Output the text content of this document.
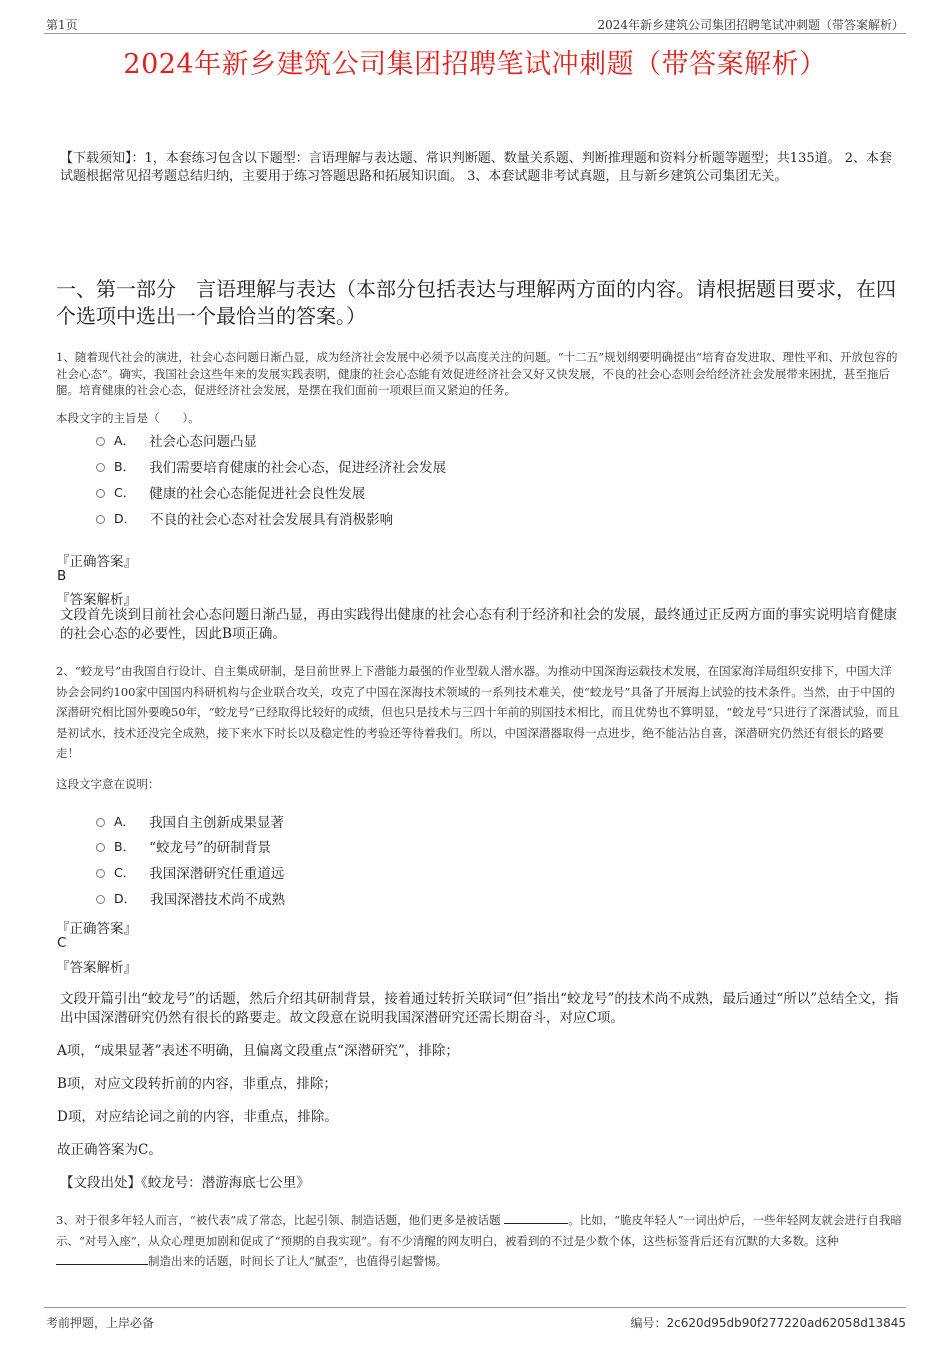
第1页	2024年新乡建筑公司集团招聘笔试冲刺题（带答案解析）
2024年新乡建筑公司集团招聘笔试冲刺题（带答案解析）
【下载须知】：1，本套练习包含以下题型：言语理解与表达题、常识判断题、数量关系题、判断推理题和资料分析题等题型；共135道。 2、本套试题根据常见招考题总结归纳，主要用于练习答题思路和拓展知识面。 3、本套试题非考试真题，且与新乡建筑公司集团无关。
一、第一部分　言语理解与表达（本部分包括表达与理解两方面的内容。请根据题目要求，在四个选项中选出一个最恰当的答案。）
1、随着现代社会的演进，社会心态问题日渐凸显，成为经济社会发展中必须予以高度关注的问题。“十二五”规划纲要明确提出“培育奋发进取、理性平和、开放包容的社会心态”。确实，我国社会这些年来的发展实践表明，健康的社会心态能有效促进经济社会又好又快发展，不良的社会心态则会给经济社会发展带来困扰，甚至拖后腿。培育健康的社会心态，促进经济社会发展，是摆在我们面前一项艰巨而又紧迫的任务。
本段文字的主旨是（　　）。
A． 社会心态问题凸显
B． 我们需要培育健康的社会心态，促进经济社会发展
C． 健康的社会心态能促进社会良性发展
D． 不良的社会心态对社会发展具有消极影响
『正确答案』
B
『答案解析』
文段首先谈到目前社会心态问题日渐凸显，再由实践得出健康的社会心态有利于经济和社会的发展，最终通过正反两方面的事实说明培育健康的社会心态的必要性，因此B项正确。
2、“蛟龙号”由我国自行设计、自主集成研制，是目前世界上下潜能力最强的作业型载人潜水器。为推动中国深海运载技术发展，在国家海洋局组织安排下，中国大洋协会会同约100家中国国内科研机构与企业联合攻关，攻克了中国在深海技术领域的一系列技术难关，使“蛟龙号”具备了开展海上试验的技术条件。当然，由于中国的深潜研究相比国外要晚50年，“蛟龙号”已经取得比较好的成绩，但也只是技术与三四十年前的别国技术相比，而且优势也不算明显，“蛟龙号”只进行了深潜试验，而且是初试水，技术还没完全成熟，接下来水下时长以及稳定性的考验还等待着我们。所以，中国深潜器取得一点进步，绝不能沾沾自喜，深潜研究仍然还有很长的路要走！
这段文字意在说明：
A． 我国自主创新成果显著
B． “蛟龙号”的研制背景
C． 我国深潜研究任重道远
D． 我国深潜技术尚不成熟
『正确答案』
C
『答案解析』
文段开篇引出“蛟龙号”的话题，然后介绍其研制背景，接着通过转折关联词“但”指出“蛟龙号”的技术尚不成熟，最后通过“所以”总结全文，指出中国深潜研究仍然有很长的路要走。故文段意在说明我国深潜研究还需长期奋斗，对应C项。
A项，“成果显著”表述不明确，且偏离文段重点“深潜研究”，排除；
B项，对应文段转折前的内容，非重点，排除；
D项，对应结论词之前的内容，非重点，排除。
故正确答案为C。
【文段出处】《蛟龙号：潜游海底七公里》
3、对于很多年轻人而言，“被代表”成了常态，比起引领、制造话题，他们更多是被话题	。比如，“脆皮年轻人”一词出炉后，一些年轻网友就会进行自我暗示、“对号入座”，从众心理更加剧和促成了“预期的自我实现”。有不少清醒的网友明白，被看到的不过是少数个体，这些标签背后还有沉默的大多数。这种 制造出来的话题，时间长了让人“腻歪”，也值得引起警惕。
考前押题，上岸必备	编号：2c620d95db90f277220ad62058d13845
